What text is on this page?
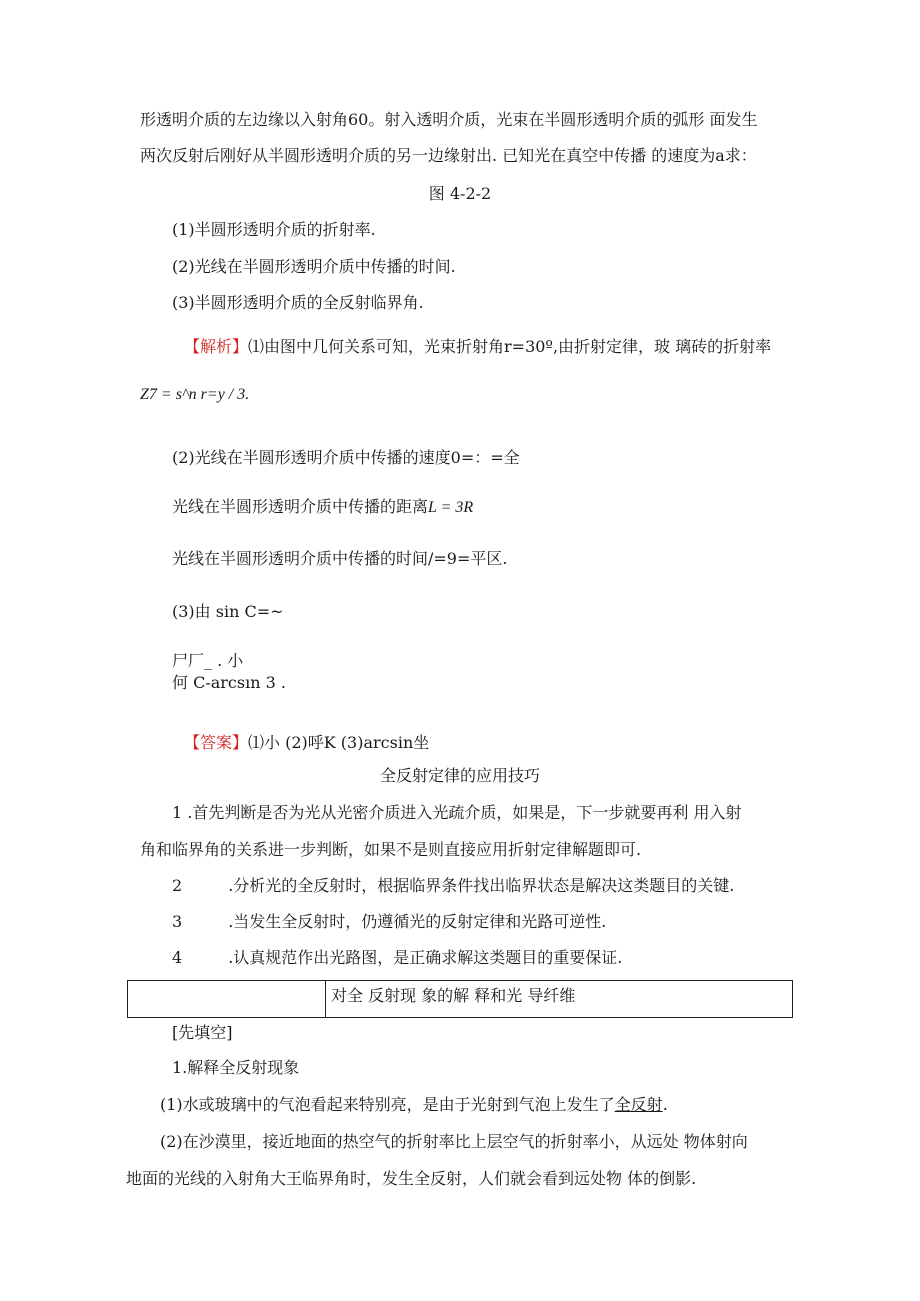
形透明介质的左边缘以入射角60。射入透明介质，光束在半圆形透明介质的弧形 面发生
两次反射后刚好从半圆形透明介质的另一边缘射出. 已知光在真空中传播 的速度为a求：
图 4-2-2
(1)半圆形透明介质的折射率.
(2)光线在半圆形透明介质中传播的时间.
(3)半圆形透明介质的全反射临界角.
【解析】⑴由图中几何关系可知，光束折射角r=30º,由折射定律，玻 璃砖的折射率
Z7 = s^n r=y / 3.
(2)光线在半圆形透明介质中传播的速度0=：=全
光线在半圆形透明介质中传播的距离L = 3R
光线在半圆形透明介质中传播的时间/=9=平区.
(3)由 sin C=~
尸厂_ . 小
何 C-arcsın 3 .
【答案】⑴小 (2)呼K (3)arcsin坐
全反射定律的应用技巧
1 .首先判断是否为光从光密介质进入光疏介质，如果是，下一步就要再利 用入射
角和临界角的关系进一步判断，如果不是则直接应用折射定律解题即可.
2	.分析光的全反射时，根据临界条件找出临界状态是解决这类题目的关键.
3	.当发生全反射时，仍遵循光的反射定律和光路可逆性.
4	.认真规范作出光路图，是正确求解这类题目的重要保证.
对全 反射现 象的解 释和光 导纤维
[先填空]
1.解释全反射现象
(1)水或玻璃中的气泡看起来特别亮，是由于光射到气泡上发生了全反射.
(2)在沙漠里，接近地面的热空气的折射率比上层空气的折射率小，从远处 物体射向
地面的光线的入射角大王临界角时，发生全反射，人们就会看到远处物 体的倒影.
